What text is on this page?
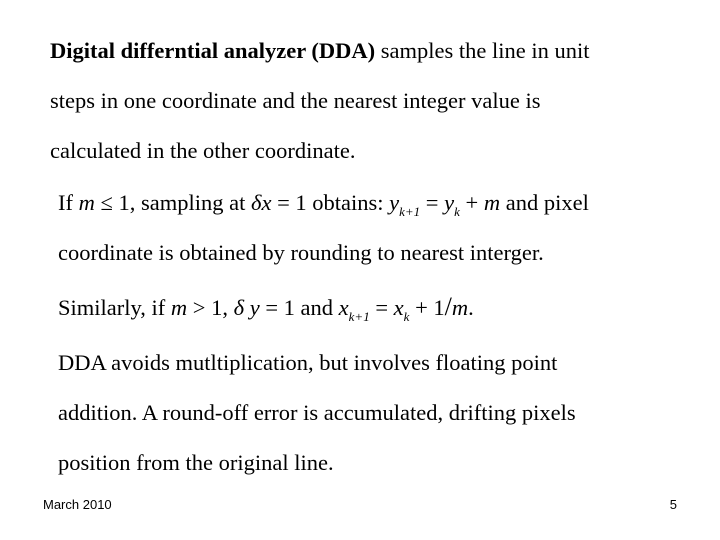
Digital differntial analyzer (DDA) samples the line in unit
steps in one coordinate and the nearest integer value is
calculated in the other coordinate.
If m ≤ 1, sampling at δx = 1 obtains: $y_{k+1} = y_k + m$ and pixel
coordinate is obtained by rounding to nearest interger.
Similarly, if m > 1, δ y = 1 and $x_{k+1} = x_k + 1/m$.
DDA avoids mutltiplication, but involves floating point
addition. A round-off error is accumulated, drifting pixels
position from the original line.
March 2010	5
